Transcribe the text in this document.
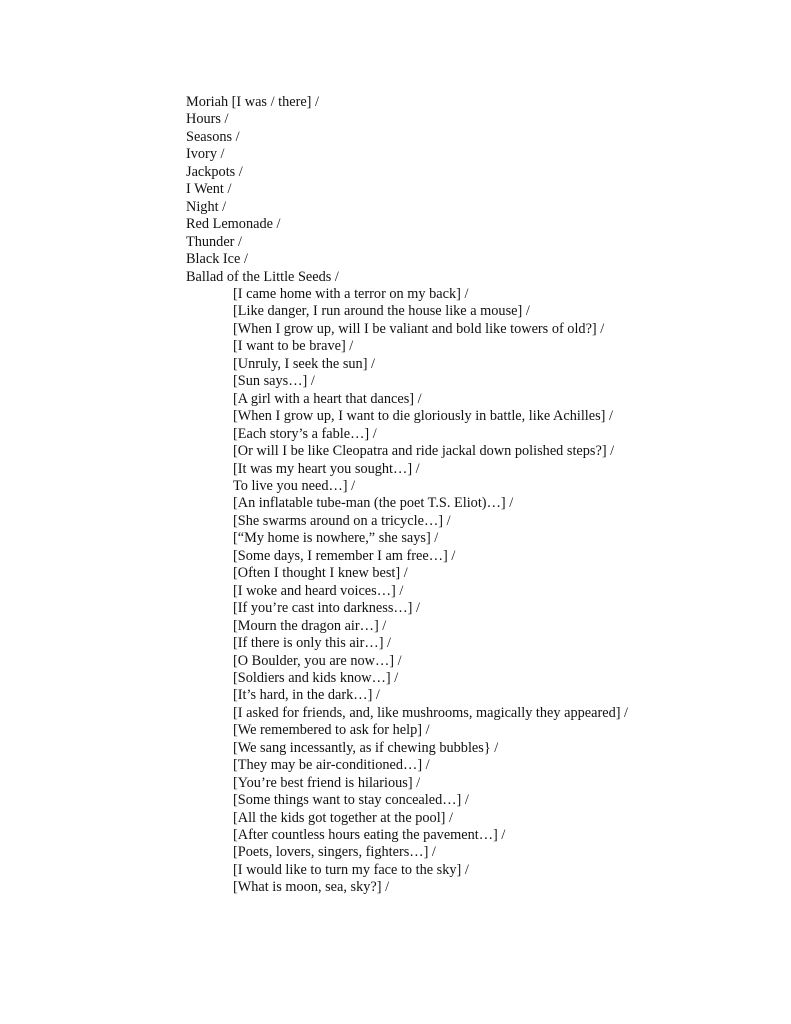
Moriah [I was / there] /
Hours /
Seasons /
Ivory /
Jackpots /
I Went /
Night /
Red Lemonade /
Thunder /
Black Ice /
Ballad of the Little Seeds /
[I came home with a terror on my back] /
[Like danger, I run around the house like a mouse] /
[When I grow up, will I be valiant and bold like towers of old?] /
[I want to be brave] /
[Unruly, I seek the sun] /
[Sun says…] /
[A girl with a heart that dances] /
[When I grow up, I want to die gloriously in battle, like Achilles] /
[Each story’s a fable…] /
[Or will I be like Cleopatra and ride jackal down polished steps?] /
[It was my heart you sought…] /
To live you need…] /
[An inflatable tube-man (the poet T.S. Eliot)…] /
[She swarms around on a tricycle…] /
[“My home is nowhere,” she says] /
[Some days, I remember I am free…] /
[Often I thought I knew best] /
[I woke and heard voices…] /
[If you’re cast into darkness…] /
[Mourn the dragon air…] /
[If there is only this air…] /
[O Boulder, you are now…] /
[Soldiers and kids know…] /
[It’s hard, in the dark…] /
[I asked for friends, and, like mushrooms, magically they appeared] /
[We remembered to ask for help] /
[We sang incessantly, as if chewing bubbles} /
[They may be air-conditioned…] /
[You’re best friend is hilarious] /
[Some things want to stay concealed…] /
[All the kids got together at the pool] /
[After countless hours eating the pavement…] /
[Poets, lovers, singers, fighters…] /
[I would like to turn my face to the sky] /
[What is moon, sea, sky?] /
